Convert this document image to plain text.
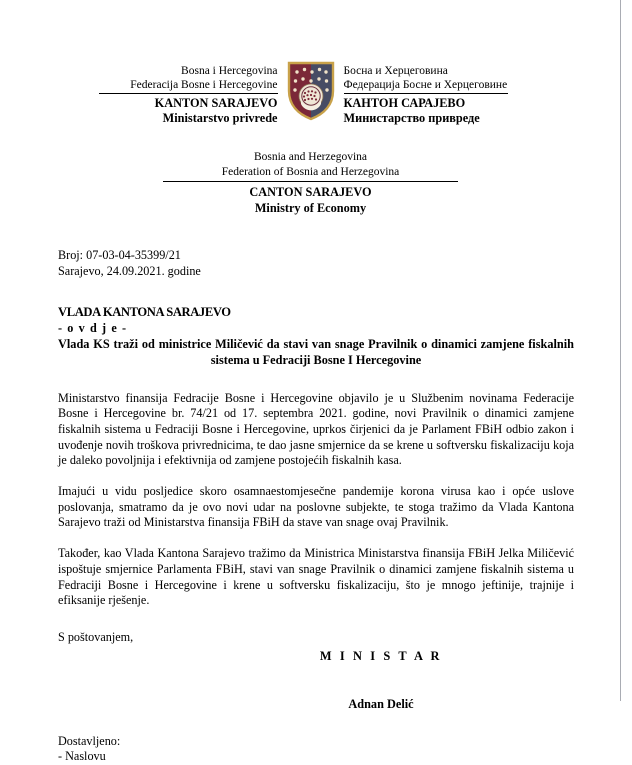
Bosna i Hercegovina
Federacija Bosne i Hercegovine
KANTON SARAJEVO
Ministarstvo privrede
Босна и Херцеговина
Федерација Босне и Херцеговине
КАНТОН САРАЈЕВО
Министарство привреде
Bosnia and Herzegovina
Federation of Bosnia and Herzegovina
CANTON SARAJEVO
Ministry of Economy
Broj: 07-03-04-35399/21
Sarajevo, 24.09.2021. godine
VLADA KANTONA SARAJEVO
- o v d j e -
Vlada KS traži od ministrice Miličević da stavi van snage Pravilnik o dinamici zamjene fiskalnih sistema u Fedraciji Bosne I Hercegovine
Ministarstvo finansija Fedracije Bosne i Hercegovine objavilo je u Službenim novinama Federacije Bosne i Hercegovine br. 74/21 od 17. septembra 2021. godine, novi Pravilnik o dinamici zamjene fiskalnih sistema u Fedraciji Bosne i Hercegovine, uprkos čirjenici da je Parlament FBiH odbio zakon i uvođenje novih troškova privrednicima, te dao jasne smjernice da se krene u softversku fiskalizaciju koja je daleko povoljnija i efektivnija od zamjene postojećih fiskalnih kasa.
Imajući u vidu posljedice skoro osamnaestomjesečne pandemije korona virusa kao i opće uslove poslovanja, smatramo da je ovo novi udar na poslovne subjekte, te stoga tražimo da Vlada Kantona Sarajevo traži od Ministarstva finansija FBiH da stave van snage ovaj Pravilnik.
Također, kao Vlada Kantona Sarajevo tražimo da Ministrica Ministarstva finansija FBiH Jelka Miličević ispoštuje smjernice Parlamenta FBiH, stavi van snage Pravilnik o dinamici zamjene fiskalnih sistema u Fedraciji Bosne i Hercegovine i krene u softversku fiskalizaciju, što je mnogo jeftinije, trajnije i efiksanije rješenje.
S poštovanjem,
M I N I S T A R
Adnan Delić
Dostavljeno:
- Naslovu
